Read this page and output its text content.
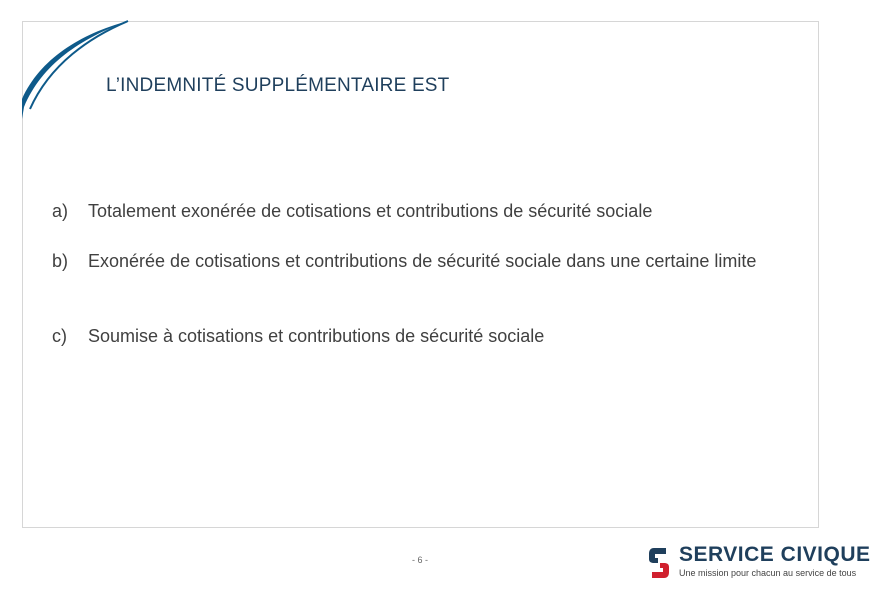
L’INDEMNITÉ SUPPLÉMENTAIRE EST
a)	Totalement exonérée de cotisations et contributions de sécurité sociale
b)	Exonérée de cotisations et contributions de sécurité sociale dans une certaine limite
c)	Soumise à cotisations et contributions de sécurité sociale
- 6 -	SERVICE CIVIQUE
Une mission pour chacun au service de tous
